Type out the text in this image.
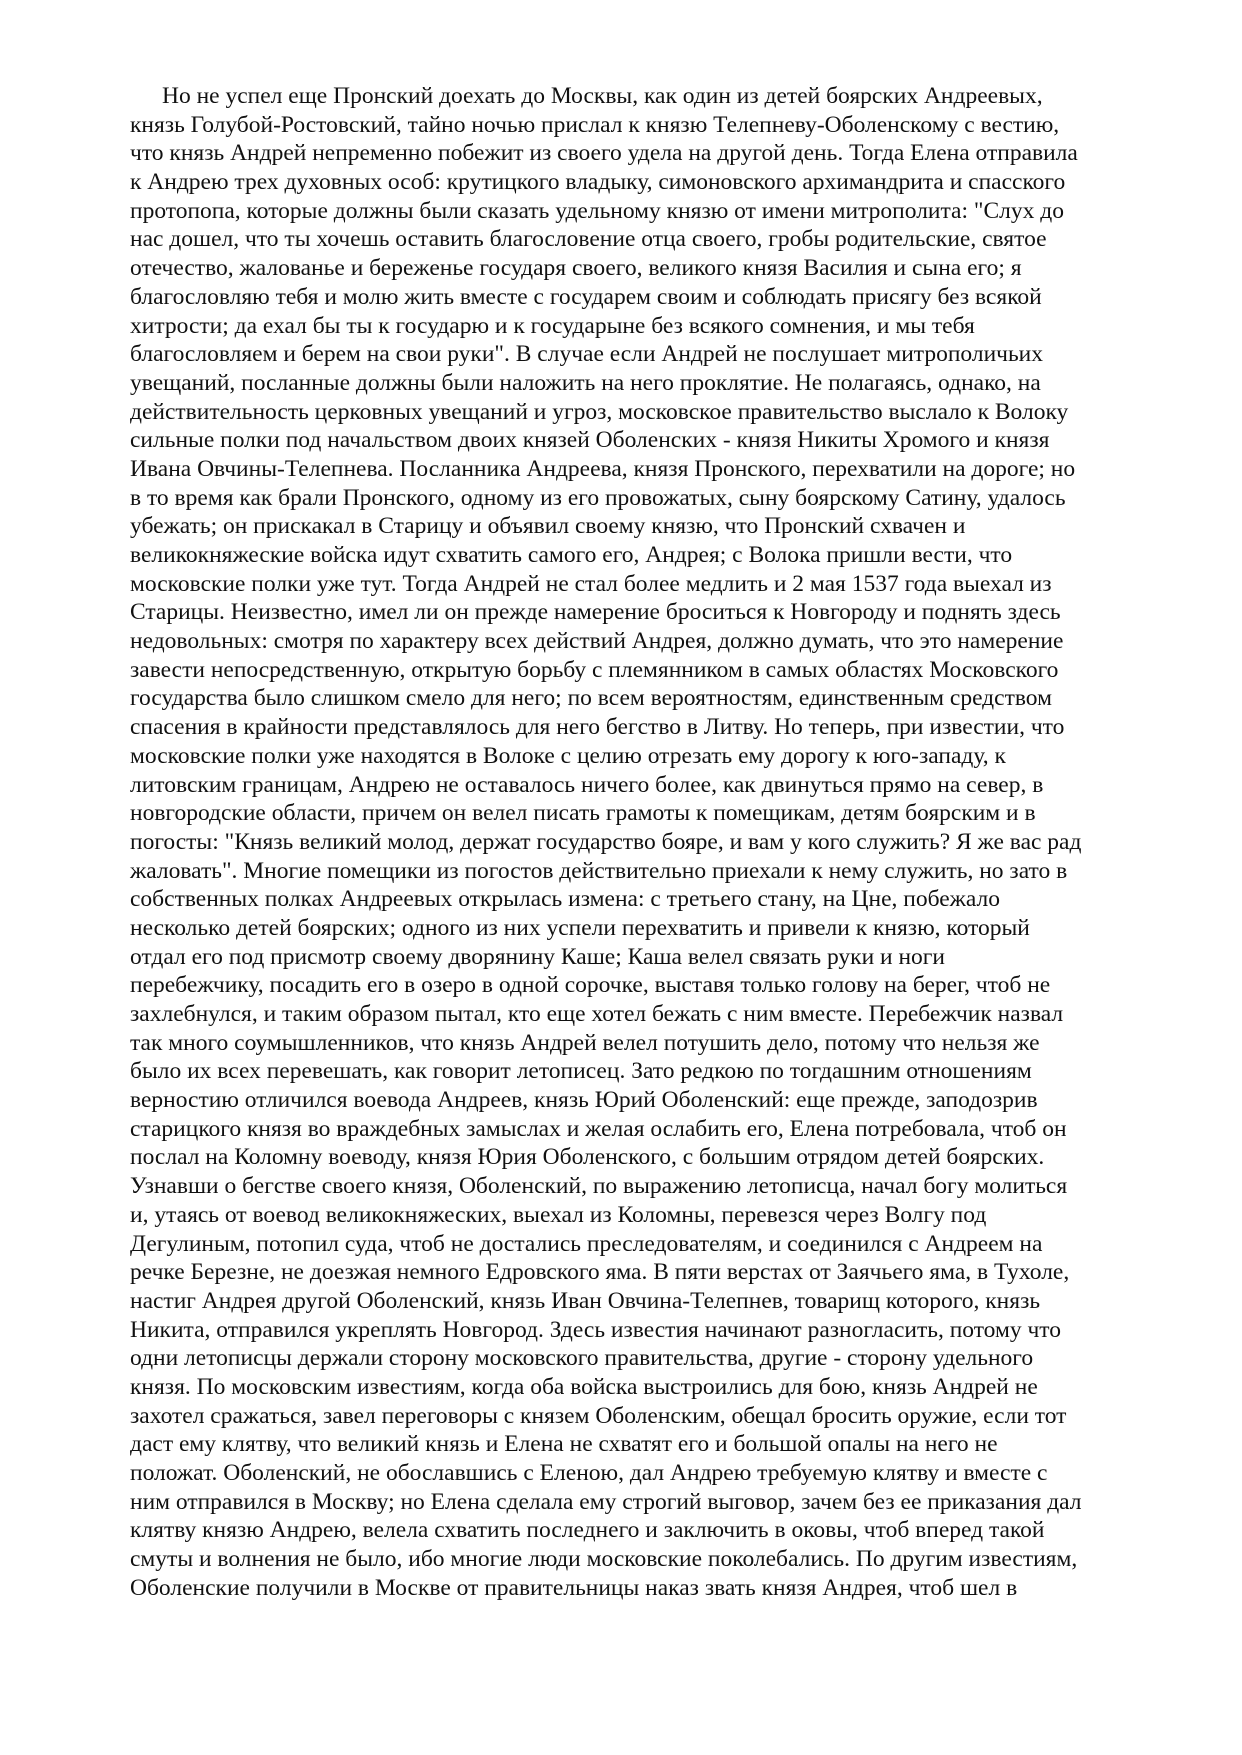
Но не успел еще Пронский доехать до Москвы, как один из детей боярских Андреевых,
князь Голубой-Ростовский, тайно ночью прислал к князю Телепневу-Оболенскому с вестию,
что князь Андрей непременно побежит из своего удела на другой день. Тогда Елена отправила
к Андрею трех духовных особ: крутицкого владыку, симоновского архимандрита и спасского
протопопа, которые должны были сказать удельному князю от имени митрополита: "Слух до
нас дошел, что ты хочешь оставить благословение отца своего, гробы родительские, святое
отечество, жалованье и береженье государя своего, великого князя Василия и сына его; я
благословляю тебя и молю жить вместе с государем своим и соблюдать присягу без всякой
хитрости; да ехал бы ты к государю и к государыне без всякого сомнения, и мы тебя
благословляем и берем на свои руки". В случае если Андрей не послушает митрополичьих
увещаний, посланные должны были наложить на него проклятие. Не полагаясь, однако, на
действительность церковных увещаний и угроз, московское правительство выслало к Волоку
сильные полки под начальством двоих князей Оболенских - князя Никиты Хромого и князя
Ивана Овчины-Телепнева. Посланника Андреева, князя Пронского, перехватили на дороге; но
в то время как брали Пронского, одному из его провожатых, сыну боярскому Сатину, удалось
убежать; он прискакал в Старицу и объявил своему князю, что Пронский схвачен и
великокняжеские войска идут схватить самого его, Андрея; с Волока пришли вести, что
московские полки уже тут. Тогда Андрей не стал более медлить и 2 мая 1537 года выехал из
Старицы. Неизвестно, имел ли он прежде намерение броситься к Новгороду и поднять здесь
недовольных: смотря по характеру всех действий Андрея, должно думать, что это намерение
завести непосредственную, открытую борьбу с племянником в самых областях Московского
государства было слишком смело для него; по всем вероятностям, единственным средством
спасения в крайности представлялось для него бегство в Литву. Но теперь, при известии, что
московские полки уже находятся в Волоке с целию отрезать ему дорогу к юго-западу, к
литовским границам, Андрею не оставалось ничего более, как двинуться прямо на север, в
новгородские области, причем он велел писать грамоты к помещикам, детям боярским и в
погосты: "Князь великий молод, держат государство бояре, и вам у кого служить? Я же вас рад
жаловать". Многие помещики из погостов действительно приехали к нему служить, но зато в
собственных полках Андреевых открылась измена: с третьего стану, на Цне, побежало
несколько детей боярских; одного из них успели перехватить и привели к князю, который
отдал его под присмотр своему дворянину Каше; Каша велел связать руки и ноги
перебежчику, посадить его в озеро в одной сорочке, выставя только голову на берег, чтоб не
захлебнулся, и таким образом пытал, кто еще хотел бежать с ним вместе. Перебежчик назвал
так много соумышленников, что князь Андрей велел потушить дело, потому что нельзя же
было их всех перевешать, как говорит летописец. Зато редкою по тогдашним отношениям
верностию отличился воевода Андреев, князь Юрий Оболенский: еще прежде, заподозрив
старицкого князя во враждебных замыслах и желая ослабить его, Елена потребовала, чтоб он
послал на Коломну воеводу, князя Юрия Оболенского, с большим отрядом детей боярских.
Узнавши о бегстве своего князя, Оболенский, по выражению летописца, начал богу молиться
и, утаясь от воевод великокняжеских, выехал из Коломны, перевезся через Волгу под
Дегулиным, потопил суда, чтоб не достались преследователям, и соединился с Андреем на
речке Березне, не доезжая немного Едровского яма. В пяти верстах от Заячьего яма, в Тухоле,
настиг Андрея другой Оболенский, князь Иван Овчина-Телепнев, товарищ которого, князь
Никита, отправился укреплять Новгород. Здесь известия начинают разногласить, потому что
одни летописцы держали сторону московского правительства, другие - сторону удельного
князя. По московским известиям, когда оба войска выстроились для бою, князь Андрей не
захотел сражаться, завел переговоры с князем Оболенским, обещал бросить оружие, если тот
даст ему клятву, что великий князь и Елена не схватят его и большой опалы на него не
положат. Оболенский, не обославшись с Еленою, дал Андрею требуемую клятву и вместе с
ним отправился в Москву; но Елена сделала ему строгий выговор, зачем без ее приказания дал
клятву князю Андрею, велела схватить последнего и заключить в оковы, чтоб вперед такой
смуты и волнения не было, ибо многие люди московские поколебались. По другим известиям,
Оболенские получили в Москве от правительницы наказ звать князя Андрея, чтоб шел в
